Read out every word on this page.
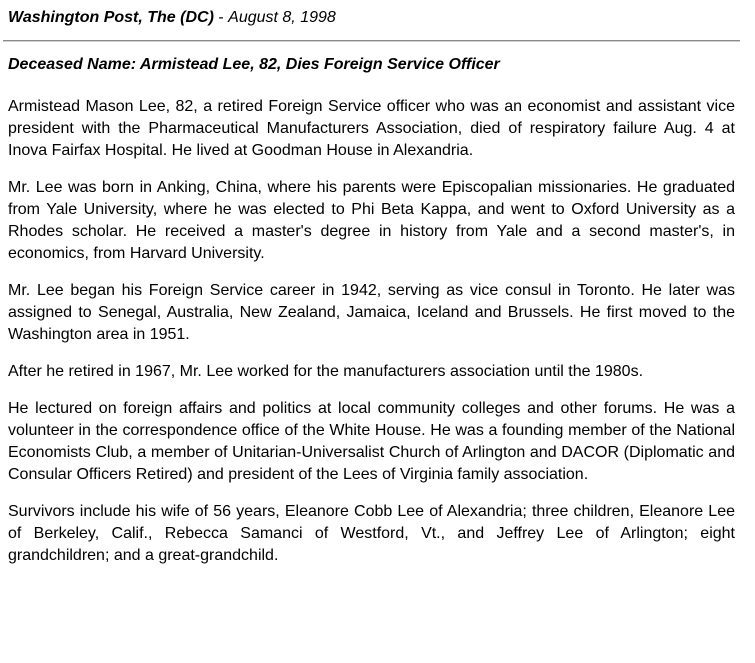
Washington Post, The (DC) - August 8, 1998
Deceased Name: Armistead Lee, 82, Dies Foreign Service Officer

Armistead Mason Lee, 82, a retired Foreign Service officer who was an economist and assistant vice president with the Pharmaceutical Manufacturers Association, died of respiratory failure Aug. 4 at Inova Fairfax Hospital. He lived at Goodman House in Alexandria.

Mr. Lee was born in Anking, China, where his parents were Episcopalian missionaries. He graduated from Yale University, where he was elected to Phi Beta Kappa, and went to Oxford University as a Rhodes scholar. He received a master's degree in history from Yale and a second master's, in economics, from Harvard University.

Mr. Lee began his Foreign Service career in 1942, serving as vice consul in Toronto. He later was assigned to Senegal, Australia, New Zealand, Jamaica, Iceland and Brussels. He first moved to the Washington area in 1951.

After he retired in 1967, Mr. Lee worked for the manufacturers association until the 1980s.

He lectured on foreign affairs and politics at local community colleges and other forums. He was a volunteer in the correspondence office of the White House. He was a founding member of the National Economists Club, a member of Unitarian-Universalist Church of Arlington and DACOR (Diplomatic and Consular Officers Retired) and president of the Lees of Virginia family association.

Survivors include his wife of 56 years, Eleanore Cobb Lee of Alexandria; three children, Eleanore Lee of Berkeley, Calif., Rebecca Samanci of Westford, Vt., and Jeffrey Lee of Arlington; eight grandchildren; and a great-grandchild.
